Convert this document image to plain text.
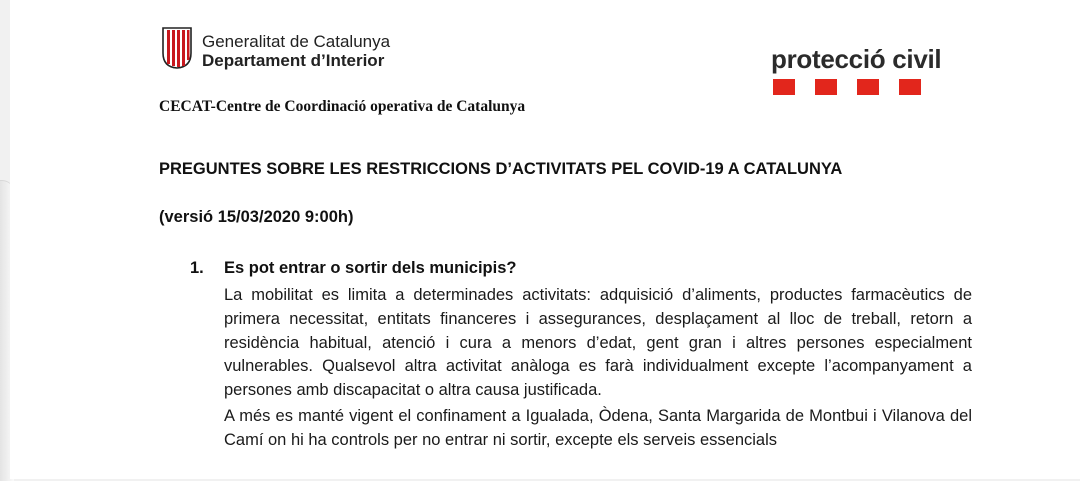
Generalitat de Catalunya
Departament d’Interior	protecció civil
CECAT-Centre de Coordinació operativa de Catalunya
PREGUNTES SOBRE LES RESTRICCIONS D’ACTIVITATS PEL COVID-19 A CATALUNYA
(versió 15/03/2020 9:00h)
1. Es pot entrar o sortir dels municipis?

La mobilitat es limita a determinades activitats: adquisició d’aliments, productes farmacèutics de primera necessitat, entitats financeres i assegurances, desplaçament al lloc de treball, retorn a residència habitual, atenció i cura a menors d’edat, gent gran i altres persones especialment vulnerables. Qualsevol altra activitat anàloga es farà individualment excepte l’acompanyament a persones amb discapacitat o altra causa justificada.

A més es manté vigent el confinament a Igualada, Òdena, Santa Margarida de Montbui i Vilanova del Camí on hi ha controls per no entrar ni sortir, excepte els serveis essencials
